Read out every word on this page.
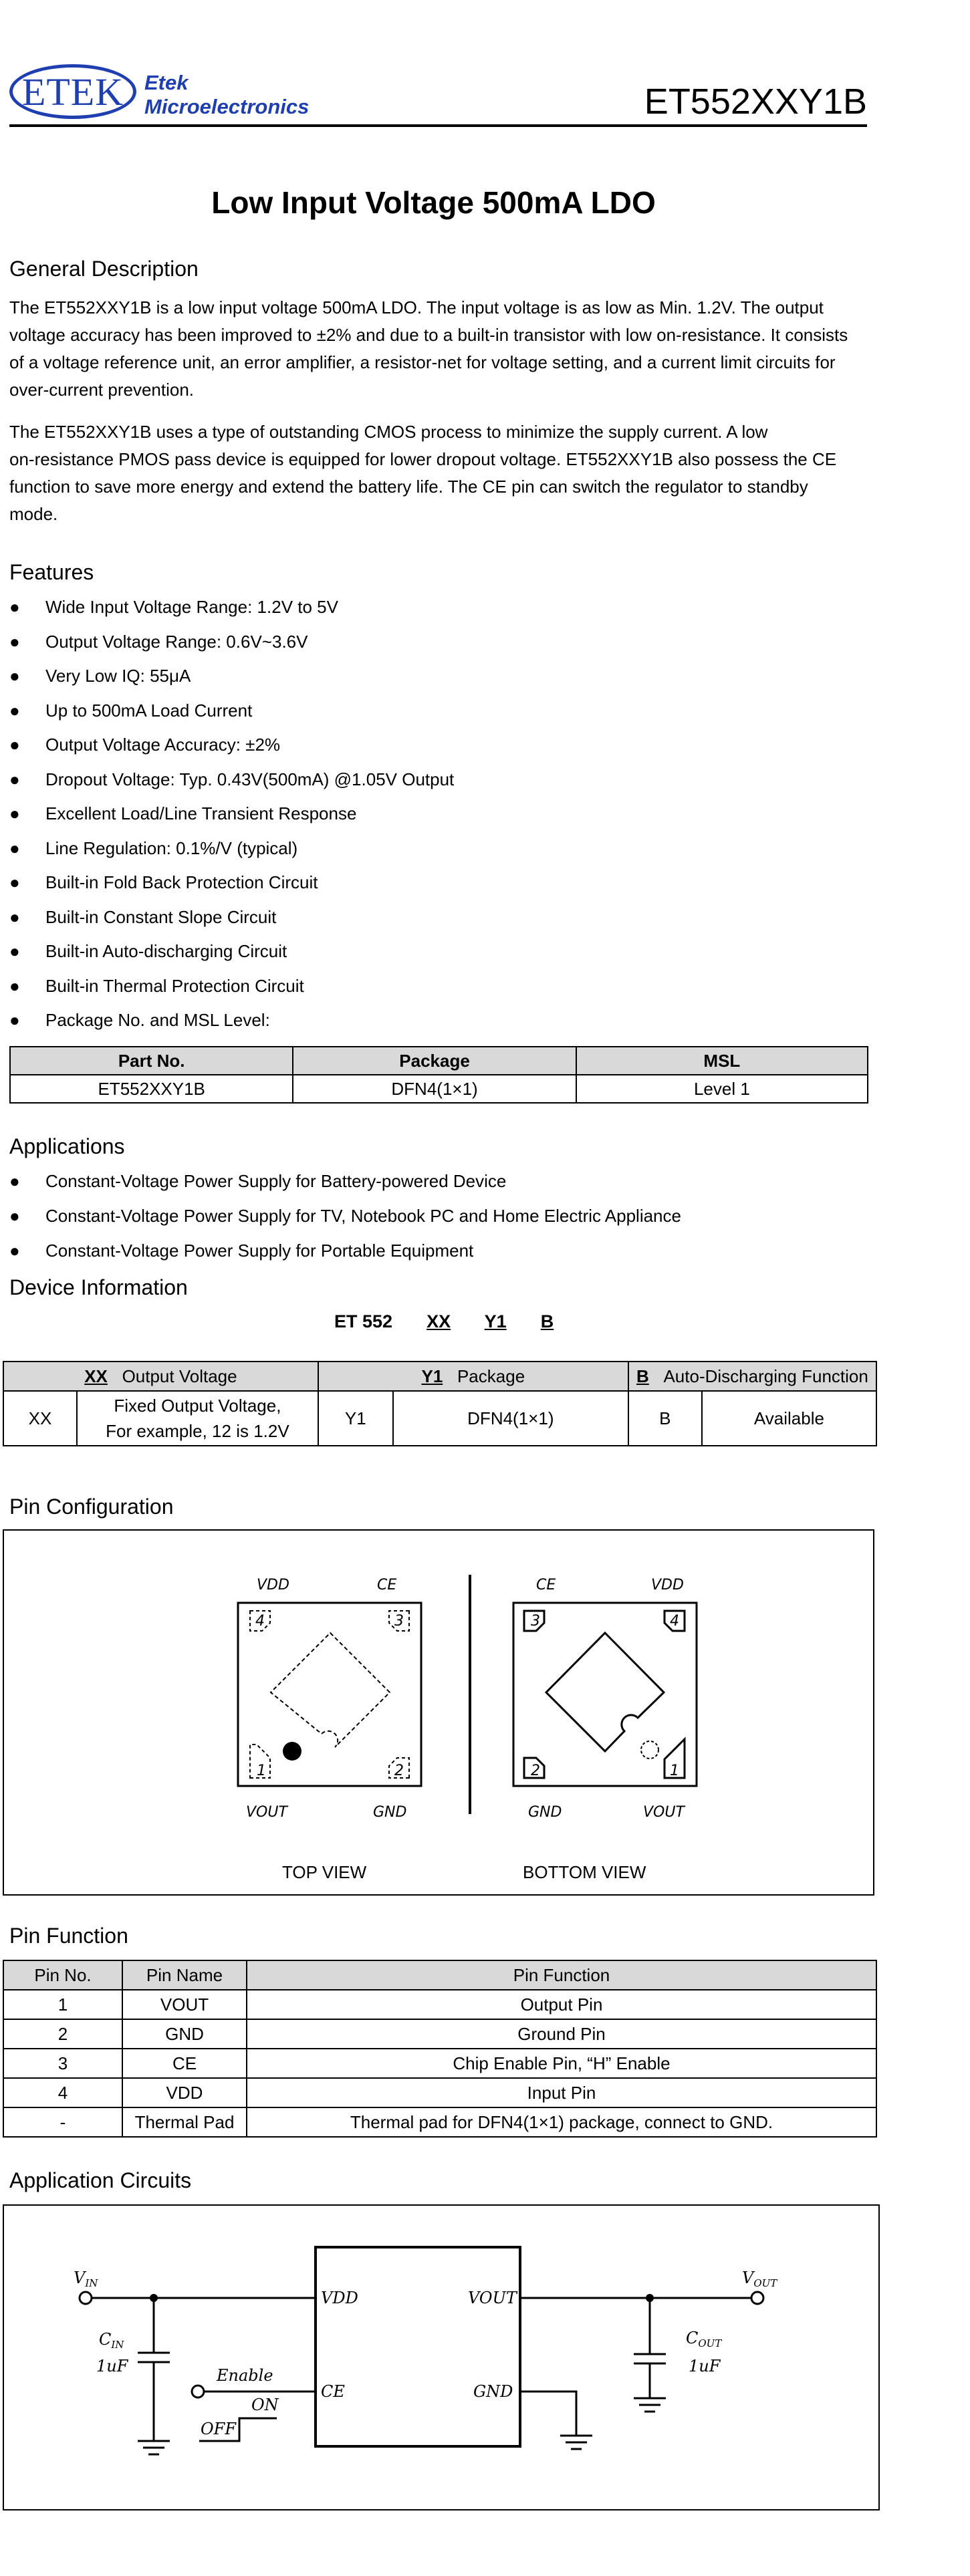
ETEK Etek
Microelectronics	ET552XXY1B
Low Input Voltage 500mA LDO
General Description
The ET552XXY1B is a low input voltage 500mA LDO. The input voltage is as low as Min. 1.2V. The output
voltage accuracy has been improved to ±2% and due to a built-in transistor with low on-resistance. It consists
of a voltage reference unit, an error amplifier, a resistor-net for voltage setting, and a current limit circuits for
over-current prevention.
The ET552XXY1B uses a type of outstanding CMOS process to minimize the supply current. A low
on-resistance PMOS pass device is equipped for lower dropout voltage. ET552XXY1B also possess the CE
function to save more energy and extend the battery life. The CE pin can switch the regulator to standby
mode.
Features
● Wide Input Voltage Range: 1.2V to 5V
● Output Voltage Range: 0.6V~3.6V
● Very Low IQ: 55μA
● Up to 500mA Load Current
● Output Voltage Accuracy: ±2%
● Dropout Voltage: Typ. 0.43V(500mA) @1.05V Output
● Excellent Load/Line Transient Response
● Line Regulation: 0.1%/V (typical)
● Built-in Fold Back Protection Circuit
● Built-in Constant Slope Circuit
● Built-in Auto-discharging Circuit
● Built-in Thermal Protection Circuit
● Package No. and MSL Level:
Part No.	Package	MSL
ET552XXY1B	DFN4(1×1)	Level 1
Applications
● Constant-Voltage Power Supply for Battery-powered Device
● Constant-Voltage Power Supply for TV, Notebook PC and Home Electric Appliance
● Constant-Voltage Power Supply for Portable Equipment
Device Information
ET 552 XX Y1 B
XX Output Voltage		Y1 Package		B Auto-Discharging Function	
XX	Fixed Output Voltage,
For example, 12 is 1.2V	Y1	DFN4(1×1)	B	Available
Pin Configuration
VDD	CE
VOUT	GND
4	3
1	2
CE	VDD
GND	VOUT
3	4
2	1
TOP VIEW	BOTTOM VIEW
Pin Function
Pin No.	Pin Name	Pin Function
1	VOUT	Output Pin
2	GND	Ground Pin
3	CE	Chip Enable Pin, “H” Enable
4	VDD	Input Pin
-	Thermal Pad	Thermal pad for DFN4(1×1) package, connect to GND.
Application Circuits
$V_{IN}$	$V_{OUT}$
$C_{IN}$
1uF
$C_{OUT}$
1uF
Enable
ON
OFF
VDD
CE
VOUT
GND
